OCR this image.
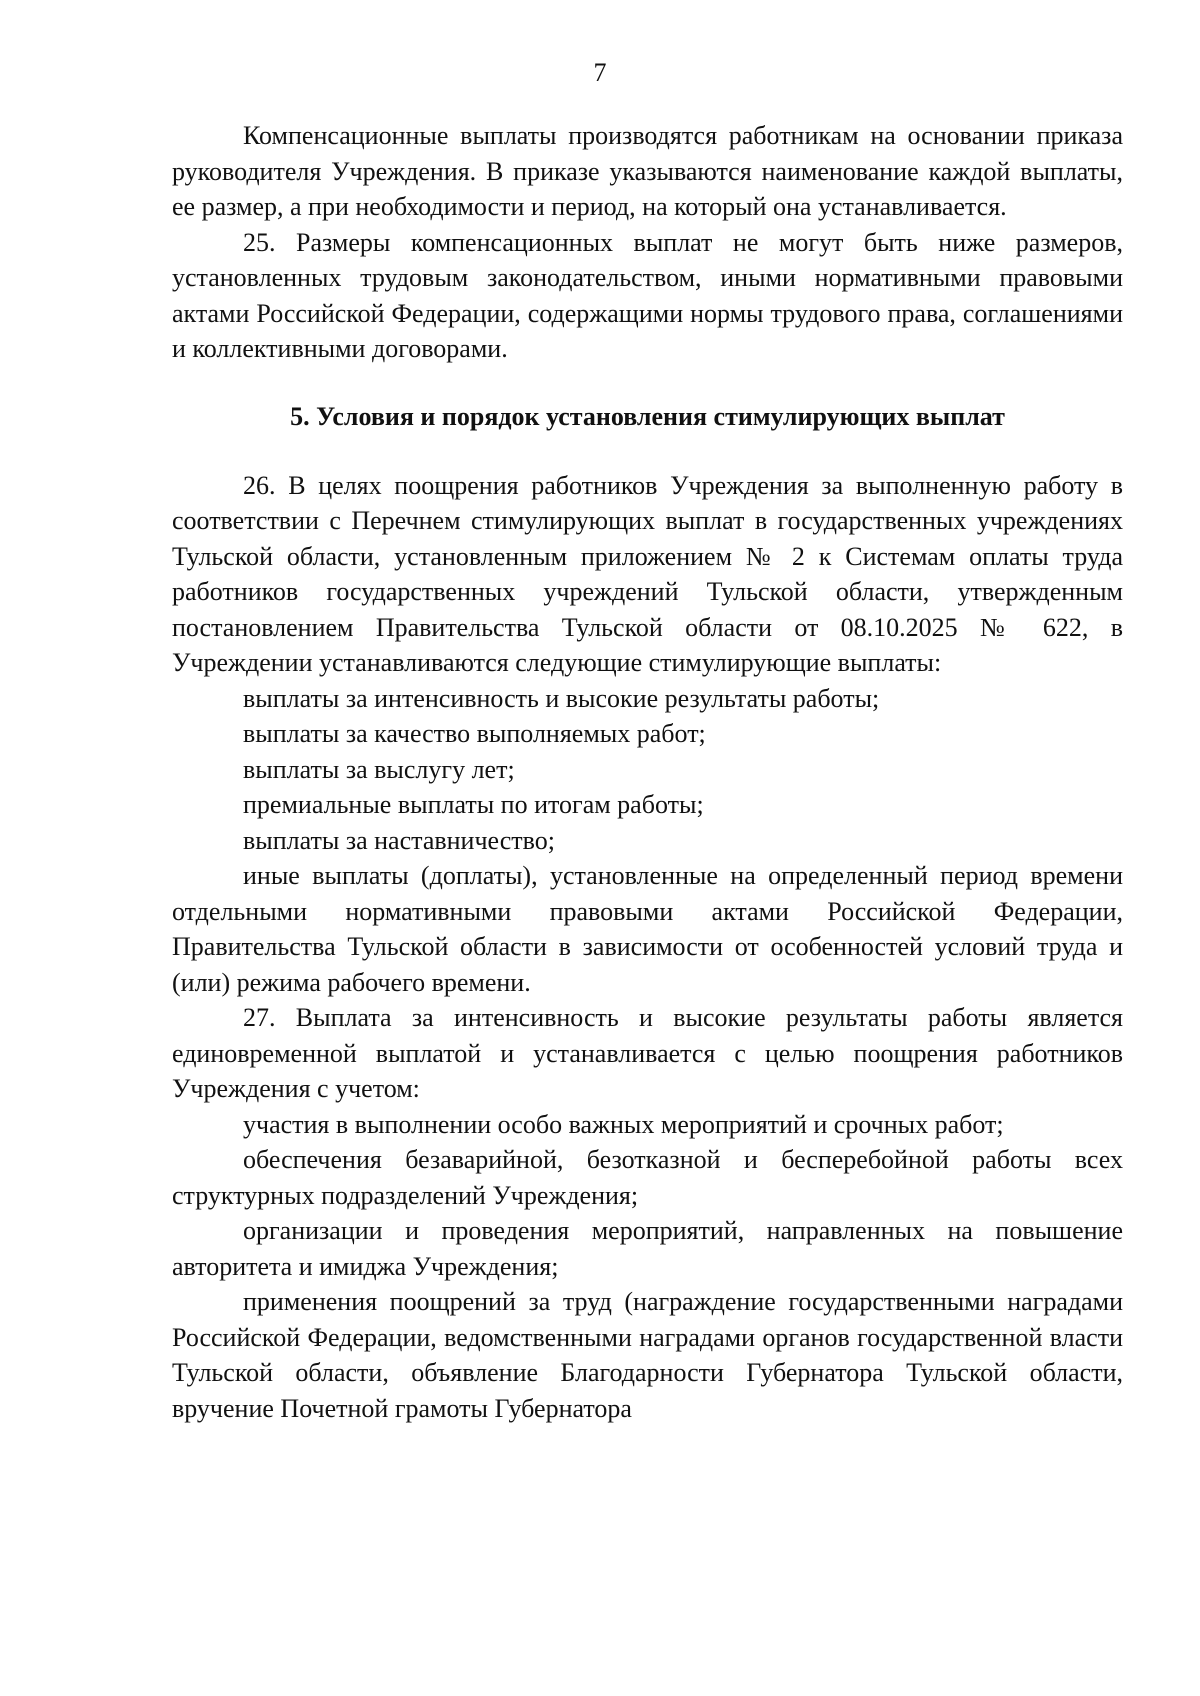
7

Компенсационные выплаты производятся работникам на основании приказа руководителя Учреждения. В приказе указываются наименование каждой выплаты, ее размер, а при необходимости и период, на который она устанавливается.

25. Размеры компенсационных выплат не могут быть ниже размеров, установленных трудовым законодательством, иными нормативными правовыми актами Российской Федерации, содержащими нормы трудового права, соглашениями и коллективными договорами.

5. Условия и порядок установления стимулирующих выплат

26. В целях поощрения работников Учреждения за выполненную работу в соответствии с Перечнем стимулирующих выплат в государственных учреждениях Тульской области, установленным приложением № 2 к Системам оплаты труда работников государственных учреждений Тульской области, утвержденным постановлением Правительства Тульской области от 08.10.2025 № 622, в Учреждении устанавливаются следующие стимулирующие выплаты:

выплаты за интенсивность и высокие результаты работы;

выплаты за качество выполняемых работ;

выплаты за выслугу лет;

премиальные выплаты по итогам работы;

выплаты за наставничество;

иные выплаты (доплаты), установленные на определенный период времени отдельными нормативными правовыми актами Российской Федерации, Правительства Тульской области в зависимости от особенностей условий труда и (или) режима рабочего времени.

27. Выплата за интенсивность и высокие результаты работы является единовременной выплатой и устанавливается с целью поощрения работников Учреждения с учетом:

участия в выполнении особо важных мероприятий и срочных работ;

обеспечения безаварийной, безотказной и бесперебойной работы всех структурных подразделений Учреждения;

организации и проведения мероприятий, направленных на повышение авторитета и имиджа Учреждения;

применения поощрений за труд (награждение государственными наградами Российской Федерации, ведомственными наградами органов государственной власти Тульской области, объявление Благодарности Губернатора Тульской области, вручение Почетной грамоты Губернатора
